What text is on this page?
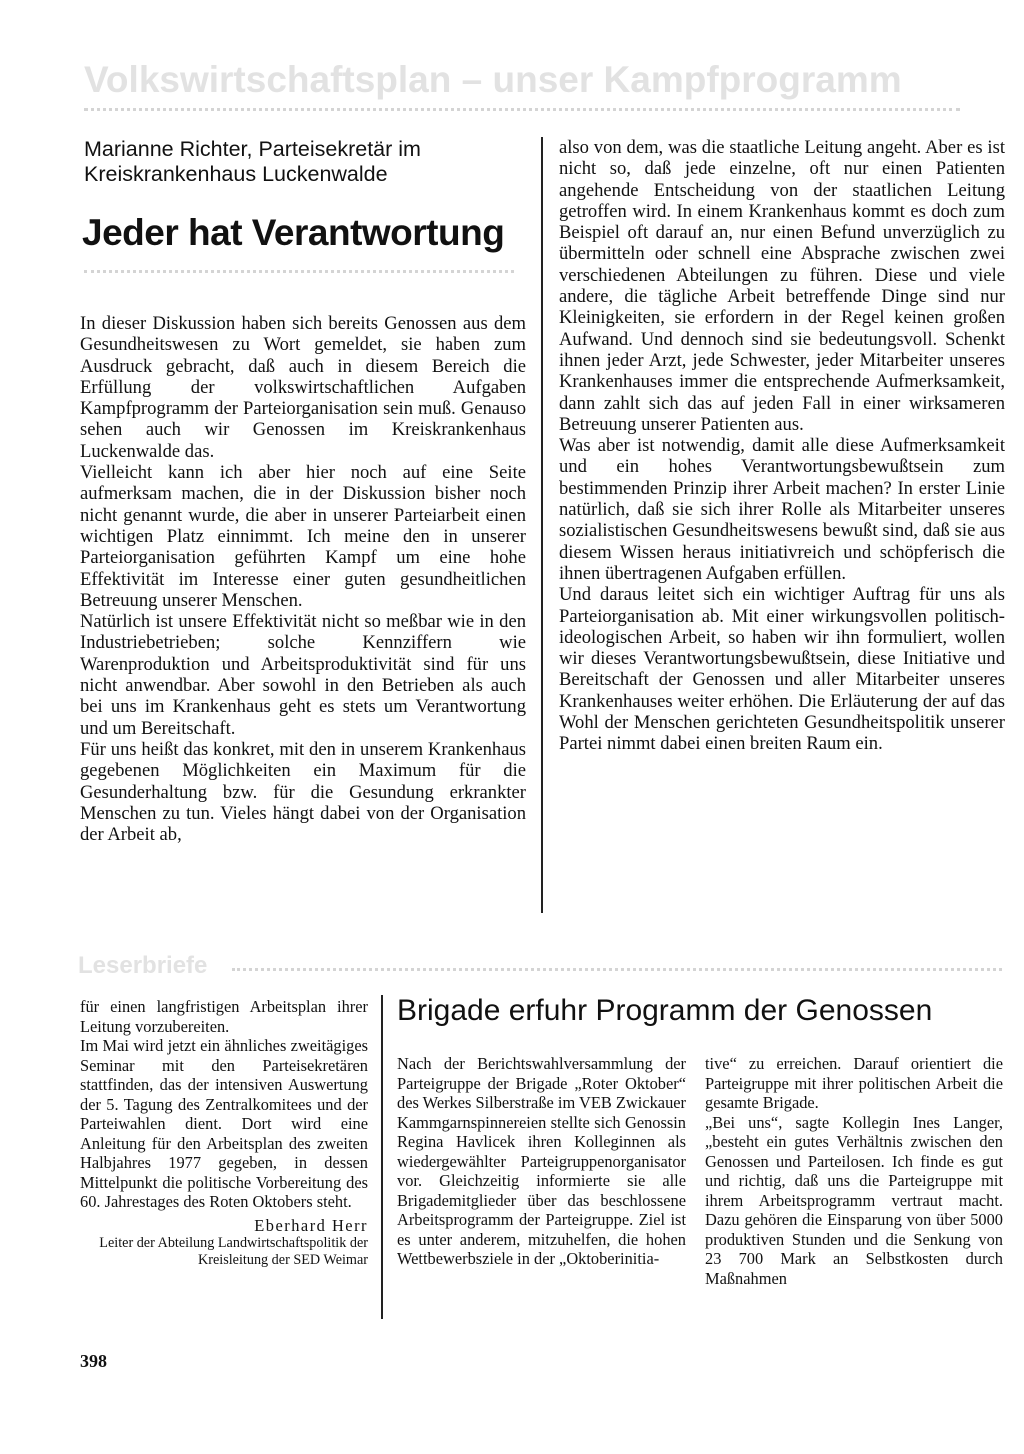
Volkswirtschaftsplan – unser Kampfprogramm
Marianne Richter, Parteisekretär im Kreiskrankenhaus Luckenwalde
Jeder hat Verantwortung

In dieser Diskussion haben sich bereits Genossen aus dem Gesundheitswesen zu Wort gemeldet, sie haben zum Ausdruck gebracht, daß auch in diesem Bereich die Erfüllung der volkswirtschaftlichen Aufgaben Kampfprogramm der Parteiorganisation sein muß. Genauso sehen auch wir Genossen im Kreiskrankenhaus Luckenwalde das.

Vielleicht kann ich aber hier noch auf eine Seite aufmerksam machen, die in der Diskussion bisher noch nicht genannt wurde, die aber in unserer Parteiarbeit einen wichtigen Platz einnimmt. Ich meine den in unserer Parteiorganisation geführten Kampf um eine hohe Effektivität im Interesse einer guten gesundheitlichen Betreuung unserer Menschen.

Natürlich ist unsere Effektivität nicht so meßbar wie in den Industriebetrieben; solche Kennziffern wie Warenproduktion und Arbeitsproduktivität sind für uns nicht anwendbar. Aber sowohl in den Betrieben als auch bei uns im Krankenhaus geht es stets um Verantwortung und um Bereitschaft.

Für uns heißt das konkret, mit den in unserem Krankenhaus gegebenen Möglichkeiten ein Maximum für die Gesunderhaltung bzw. für die Gesundung erkrankter Menschen zu tun. Vieles hängt dabei von der Organisation der Arbeit ab,

also von dem, was die staatliche Leitung angeht. Aber es ist nicht so, daß jede einzelne, oft nur einen Patienten angehende Entscheidung von der staatlichen Leitung getroffen wird. In einem Krankenhaus kommt es doch zum Beispiel oft darauf an, nur einen Befund unverzüglich zu übermitteln oder schnell eine Absprache zwischen zwei verschiedenen Abteilungen zu führen. Diese und viele andere, die tägliche Arbeit betreffende Dinge sind nur Kleinigkeiten, sie erfordern in der Regel keinen großen Aufwand. Und dennoch sind sie bedeutungsvoll. Schenkt ihnen jeder Arzt, jede Schwester, jeder Mitarbeiter unseres Krankenhauses immer die entsprechende Aufmerksamkeit, dann zahlt sich das auf jeden Fall in einer wirksameren Betreuung unserer Patienten aus.

Was aber ist notwendig, damit alle diese Aufmerksamkeit und ein hohes Verantwortungsbewußtsein zum bestimmenden Prinzip ihrer Arbeit machen? In erster Linie natürlich, daß sie sich ihrer Rolle als Mitarbeiter unseres sozialistischen Gesundheitswesens bewußt sind, daß sie aus diesem Wissen heraus initiativreich und schöpferisch die ihnen übertragenen Aufgaben erfüllen.

Und daraus leitet sich ein wichtiger Auftrag für uns als Parteiorganisation ab. Mit einer wirkungsvollen politisch-ideologischen Arbeit, so haben wir ihn formuliert, wollen wir dieses Verantwortungsbewußtsein, diese Initiative und Bereitschaft der Genossen und aller Mitarbeiter unseres Krankenhauses weiter erhöhen. Die Erläuterung der auf das Wohl der Menschen gerichteten Gesundheitspolitik unserer Partei nimmt dabei einen breiten Raum ein.

Leserbriefe

für einen langfristigen Arbeitsplan ihrer Leitung vorzubereiten.

Im Mai wird jetzt ein ähnliches zweitägiges Seminar mit den Parteisekretären stattfinden, das der intensiven Auswertung der 5. Tagung des Zentralkomitees und der Parteiwahlen dient. Dort wird eine Anleitung für den Arbeitsplan des zweiten Halbjahres 1977 gegeben, in dessen Mittelpunkt die politische Vorbereitung des 60. Jahrestages des Roten Oktobers steht.

Eberhard Herr

Leiter der Abteilung Landwirtschaftspolitik der Kreisleitung der SED Weimar

Brigade erfuhr Programm der Genossen

Nach der Berichtswahlversammlung der Parteigruppe der Brigade „Roter Oktober“ des Werkes Silberstraße im VEB Zwickauer Kammgarnspinnereien stellte sich Genossin Regina Havlicek ihren Kolleginnen als wiedergewählter Parteigruppenorganisator vor. Gleichzeitig informierte sie alle Brigademitglieder über das beschlossene Arbeitsprogramm der Parteigruppe. Ziel ist es unter anderem, mitzuhelfen, die hohen Wettbewerbsziele in der „Oktoberinitia-

tive“ zu erreichen. Darauf orientiert die Parteigruppe mit ihrer politischen Arbeit die gesamte Brigade.

„Bei uns“, sagte Kollegin Ines Langer, „besteht ein gutes Verhältnis zwischen den Genossen und Parteilosen. Ich finde es gut und richtig, daß uns die Parteigruppe mit ihrem Arbeitsprogramm vertraut macht. Dazu gehören die Einsparung von über 5000 produktiven Stunden und die Senkung von 23 700 Mark an Selbstkosten durch Maßnahmen

398
